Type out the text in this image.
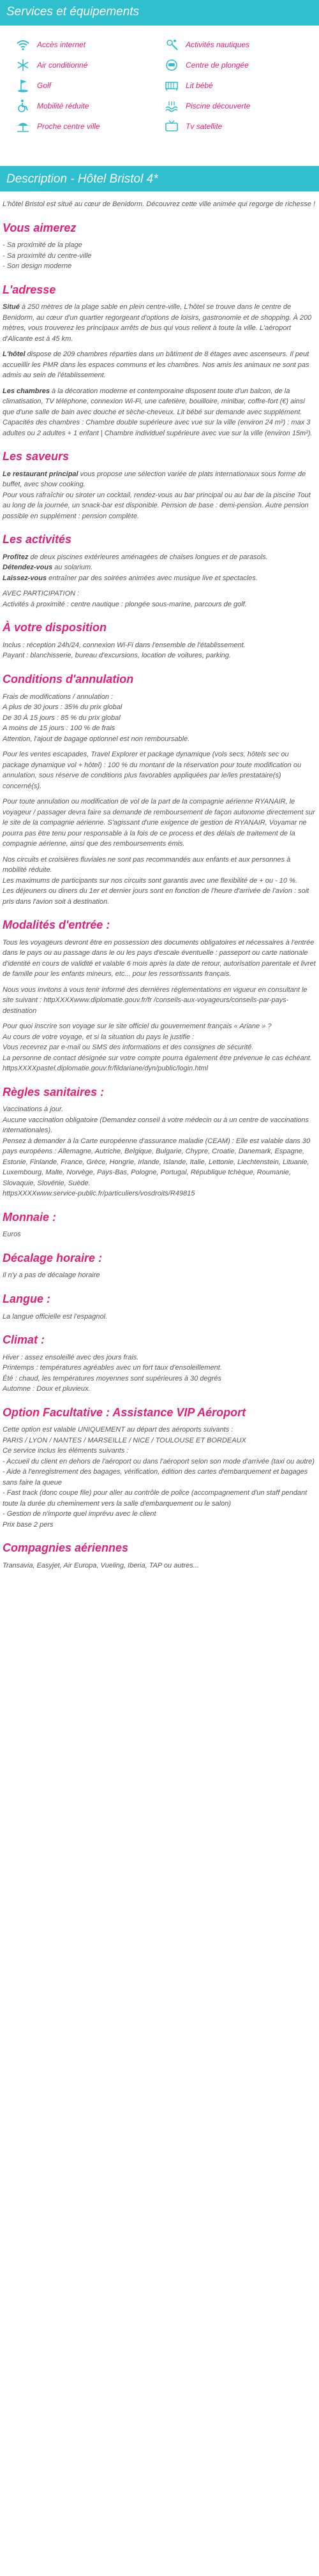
Services et équipements
Accès internet	Activités nautiques
Air conditionné	Centre de plongée
Golf	Lit bébé
Mobilité réduite	Piscine découverte
Proche centre ville	Tv satellite
Description - Hôtel Bristol 4*

L'hôtel Bristol est situé au cœur de Benidorm. Découvrez cette ville animée qui regorge de richesse !

Vous aimerez
- Sa proximité de la plage
- Sa proximité du centre-ville
- Son design moderne
L'adresse

Situé à 250 mètres de la plage sable en plein centre-ville, L'hôtel se trouve dans le centre de Benidorm, au cœur d'un quartier regorgeant d'options de loisirs, gastronomie et de shopping. À 200 mètres, vous trouverez les principaux arrêts de bus qui vous relient à toute la ville. L'aéroport d'Alicante est à 45 km.

L'hôtel dispose de 209 chambres réparties dans un bâtiment de 8 étages avec ascenseurs. Il peut accueillir les PMR dans les espaces communs et les chambres. Nos amis les animaux ne sont pas admis au sein de l'établissement.

Les chambres à la décoration moderne et contemporaine disposent toute d'un balcon, de la climatisation, TV téléphone, connexion Wi-Fi, une cafetière, bouilloire, minibar, coffre-fort (€) ainsi que d'une salle de bain avec douche et sèche-cheveux. Lit bébé sur demande avec supplément.
Capacités des chambres : Chambre double supérieure avec vue sur la ville (environ 24 m²) : max 3 adultes ou 2 adultes + 1 enfant | Chambre individuel supérieure avec vue sur la ville (environ 15m²).

Les saveurs

Le restaurant principal vous propose une sélection variée de plats internationaux sous forme de buffet, avec show cooking.
Pour vous rafraîchir ou siroter un cocktail, rendez-vous au bar principal ou au bar de la piscine Tout au long de la journée, un snack-bar est disponible. Pension de base : demi-pension. Autre pension possible en supplément : pension complète.

Les activités
Profitez de deux piscines extérieures aménagées de chaises longues et de parasols.
Détendez-vous au solarium.
Laissez-vous entraîner par des soirées animées avec musique live et spectacles.
AVEC PARTICIPATION :
Activités à proximité : centre nautique : plongée sous-marine, parcours de golf.
À votre disposition
Inclus : réception 24h/24, connexion Wi-Fi dans l'ensemble de l'établissement.
Payant : blanchisserie, bureau d'excursions, location de voitures, parking.
Conditions d'annulation
Frais de modifications / annulation :
A plus de 30 jours : 35% du prix global
De 30 À 15 jours : 85 % du prix global
A moins de 15 jours : 100 % de frais
Attention, l'ajout de bagage optionnel est non remboursable.

Pour les ventes escapades, Travel Explorer et package dynamique (vols secs, hôtels sec ou package dynamique vol + hôtel) : 100 % du montant de la réservation pour toute modification ou annulation, sous réserve de conditions plus favorables appliquées par le/les prestataire(s) concerné(s).

Pour toute annulation ou modification de vol de la part de la compagnie aérienne RYANAIR, le voyageur / passager devra faire sa demande de remboursement de façon autonome directement sur le site de la compagnie aérienne. S'agissant d'une exigence de gestion de RYANAIR, Voyamar ne pourra pas être tenu pour responsable à la fois de ce process et des délais de traitement de la compagnie aérienne, ainsi que des remboursements émis.

Nos circuits et croisières fluviales ne sont pas recommandés aux enfants et aux personnes à mobilité réduite.
Les maximums de participants sur nos circuits sont garantis avec une flexibilité de + ou - 10 %.
Les déjeuners ou diners du 1er et dernier jours sont en fonction de l'heure d'arrivée de l'avion : soit pris dans l'avion soit à destination.
Modalités d'entrée :

Tous les voyageurs devront être en possession des documents obligatoires et nécessaires à l'entrée dans le pays ou au passage dans le ou les pays d'escale éventuelle : passeport ou carte nationale d'identité en cours de validité et valable 6 mois après la date de retour, autorisation parentale et livret de famille pour les enfants mineurs, etc... pour les ressortissants français.

Nous vous invitons à vous tenir informé des dernières réglementations en vigueur en consultant le site suivant : httpXXXXwww.diplomatie.gouv.fr/fr /conseils-aux-voyageurs/conseils-par-pays-destination

Pour quoi inscrire son voyage sur le site officiel du gouvernement français « Ariane » ?
Au cours de votre voyage, et si la situation du pays le justifie :
Vous recevrez par e-mail ou SMS des informations et des consignes de sécurité.
La personne de contact désignée sur votre compte pourra également être prévenue le cas échéant.
httpsXXXXpastel.diplomatie.gouv.fr/fildariane/dyn/public/login.html
Règles sanitaires :
Vaccinations à jour.
Aucune vaccination obligatoire (Demandez conseil à votre médecin ou à un centre de vaccinations internationales).
Pensez à demander à la Carte européenne d'assurance maladie (CEAM) : Elle est valable dans 30 pays européens : Allemagne, Autriche, Belgique, Bulgarie, Chypre, Croatie, Danemark, Espagne, Estonie, Finlande, France, Grèce, Hongrie, Irlande, Islande, Italie, Lettonie, Liechtenstein, Lituanie, Luxembourg, Malte, Norvège, Pays-Bas, Pologne, Portugal, République tchèque, Roumanie, Slovaquie, Slovénie, Suède.
httpsXXXXwww.service-public.fr/particuliers/vosdroits/R49815
Monnaie :

Euros

Décalage horaire :

Il n'y a pas de décalage horaire

Langue :

La langue officielle est l'espagnol.

Climat :
Hiver : assez ensoleillé avec des jours frais.
Printemps : températures agréables avec un fort taux d'ensoleillement.
Été : chaud, les températures moyennes sont supérieures à 30 degrés
Automne : Doux et pluvieux.
Option Facultative : Assistance VIP Aéroport
Cette option est valable UNIQUEMENT au départ des aéroports suivants :
PARIS / LYON / NANTES / MARSEILLE / NICE / TOULOUSE ET BORDEAUX
Ce service inclus les éléments suivants :
- Accueil du client en dehors de l'aéroport ou dans l'aéroport selon son mode d'arrivée (taxi ou autre)
- Aide à l'enregistrement des bagages, vérification, édition des cartes d'embarquement et bagages sans faire la queue
- Fast track (donc coupe file) pour aller au contrôle de police (accompagnement d'un staff pendant toute la durée du cheminement vers la salle d'embarquement ou le salon)
- Gestion de n'importe quel imprévu avec le client
Prix base 2 pers
Compagnies aériennes

Transavia, Easyjet, Air Europa, Vueling, Iberia, TAP ou autres...
